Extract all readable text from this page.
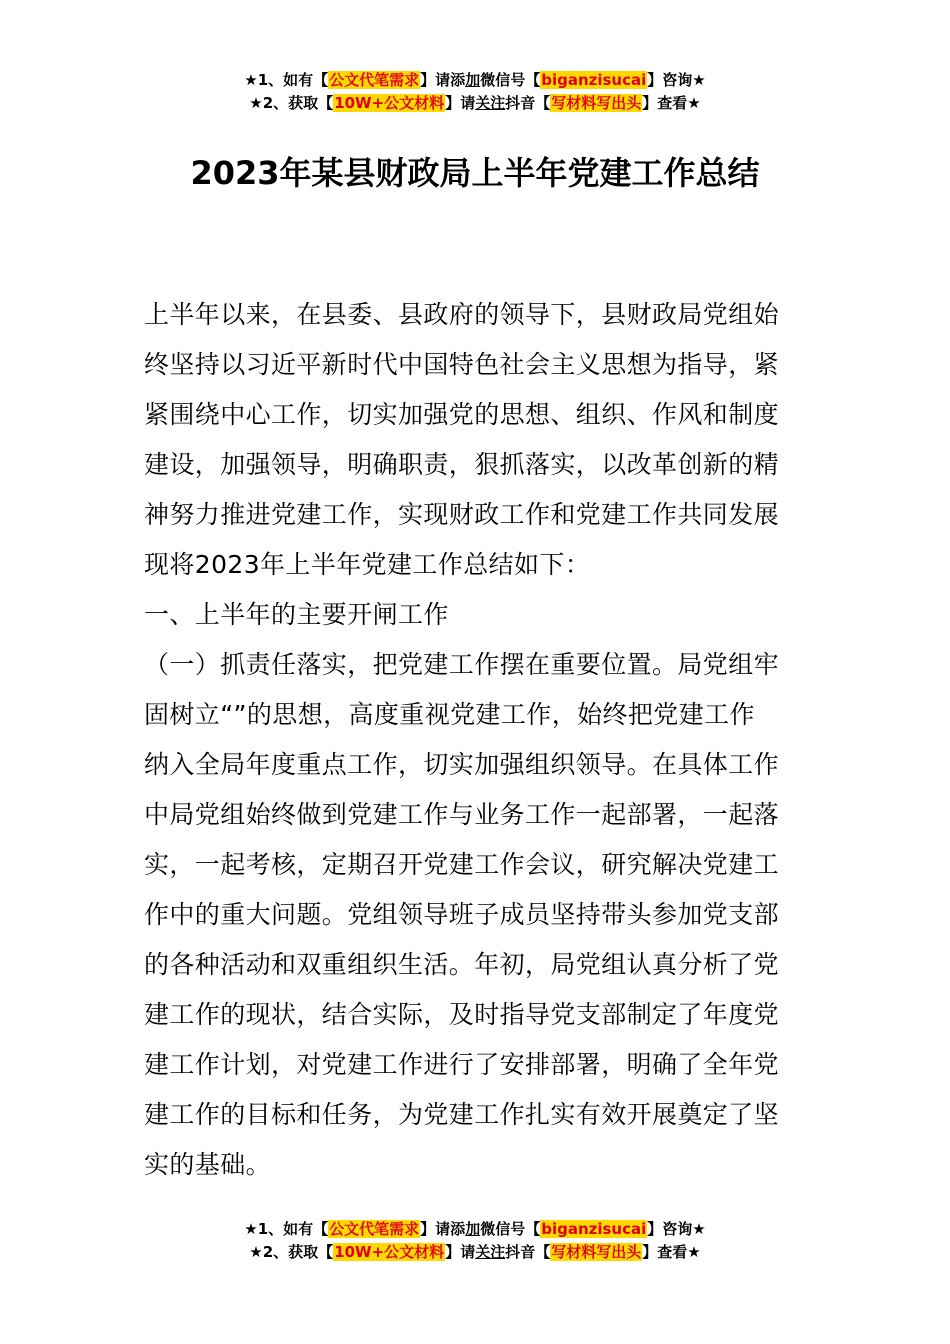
★1、如有【公文代笔需求】请添加微信号【biganzisucai】咨询★
★2、获取【10W+公文材料】请关注抖音【写材料写出头】查看★
2023年某县财政局上半年党建工作总结
上半年以来，在县委、县政府的领导下，县财政局党组始
终坚持以习近平新时代中国特色社会主义思想为指导，紧
紧围绕中心工作，切实加强党的思想、组织、作风和制度
建设，加强领导，明确职责，狠抓落实，以改革创新的精
神努力推进党建工作，实现财政工作和党建工作共同发展
现将2023年上半年党建工作总结如下：
一、上半年的主要开闸工作
（一）抓责任落实，把党建工作摆在重要位置。局党组牢
固树立“”的思想，高度重视党建工作，始终把党建工作
纳入全局年度重点工作，切实加强组织领导。在具体工作
中局党组始终做到党建工作与业务工作一起部署，一起落
实，一起考核，定期召开党建工作会议，研究解决党建工
作中的重大问题。党组领导班子成员坚持带头参加党支部
的各种活动和双重组织生活。年初，局党组认真分析了党
建工作的现状，结合实际，及时指导党支部制定了年度党
建工作计划，对党建工作进行了安排部署，明确了全年党
建工作的目标和任务，为党建工作扎实有效开展奠定了坚
实的基础。
★1、如有【公文代笔需求】请添加微信号【biganzisucai】咨询★
★2、获取【10W+公文材料】请关注抖音【写材料写出头】查看★
